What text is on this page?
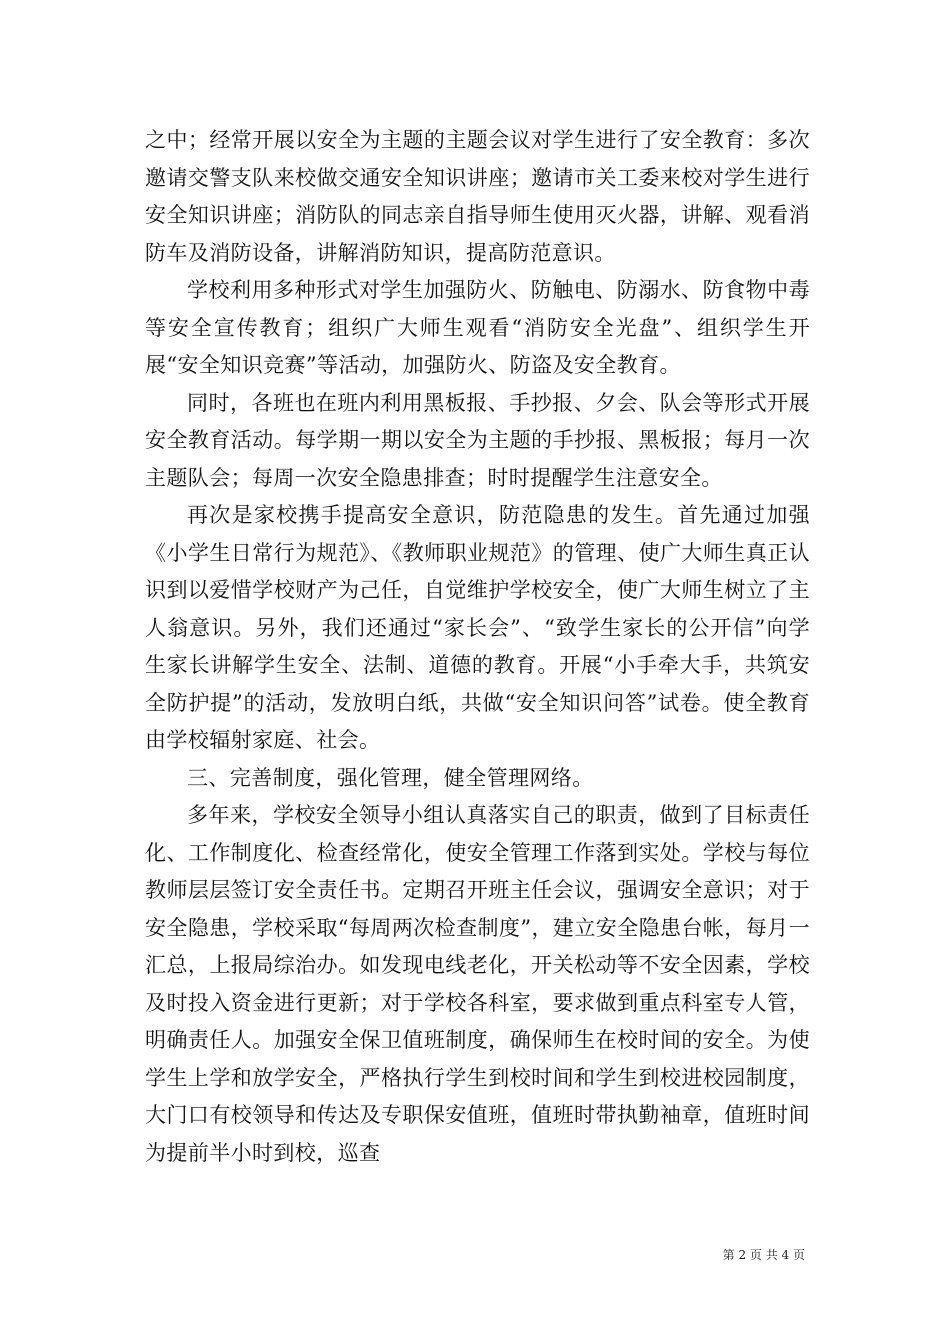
之中；经常开展以安全为主题的主题会议对学生进行了安全教育：多次邀请交警支队来校做交通安全知识讲座；邀请市关工委来校对学生进行安全知识讲座；消防队的同志亲自指导师生使用灭火器，讲解、观看消防车及消防设备，讲解消防知识，提高防范意识。

学校利用多种形式对学生加强防火、防触电、防溺水、防食物中毒等安全宣传教育；组织广大师生观看“消防安全光盘”、组织学生开展“安全知识竞赛”等活动，加强防火、防盗及安全教育。

同时，各班也在班内利用黑板报、手抄报、夕会、队会等形式开展安全教育活动。每学期一期以安全为主题的手抄报、黑板报；每月一次主题队会；每周一次安全隐患排查；时时提醒学生注意安全。

再次是家校携手提高安全意识，防范隐患的发生。首先通过加强《小学生日常行为规范》、《教师职业规范》的管理、使广大师生真正认识到以爱惜学校财产为己任，自觉维护学校安全，使广大师生树立了主人翁意识。另外，我们还通过“家长会”、“致学生家长的公开信”向学生家长讲解学生安全、法制、道德的教育。开展“小手牵大手，共筑安全防护提”的活动，发放明白纸，共做“安全知识问答”试卷。使全教育由学校辐射家庭、社会。

三、完善制度，强化管理，健全管理网络。

多年来，学校安全领导小组认真落实自己的职责，做到了目标责任化、工作制度化、检查经常化，使安全管理工作落到实处。学校与每位教师层层签订安全责任书。定期召开班主任会议，强调安全意识；对于安全隐患，学校采取“每周两次检查制度”，建立安全隐患台帐，每月一汇总，上报局综治办。如发现电线老化，开关松动等不安全因素，学校及时投入资金进行更新；对于学校各科室，要求做到重点科室专人管，明确责任人。加强安全保卫值班制度，确保师生在校时间的安全。为使学生上学和放学安全，严格执行学生到校时间和学生到校进校园制度，大门口有校领导和传达及专职保安值班，值班时带执勤袖章，值班时间为提前半小时到校，巡查

第 2 页 共 4 页
